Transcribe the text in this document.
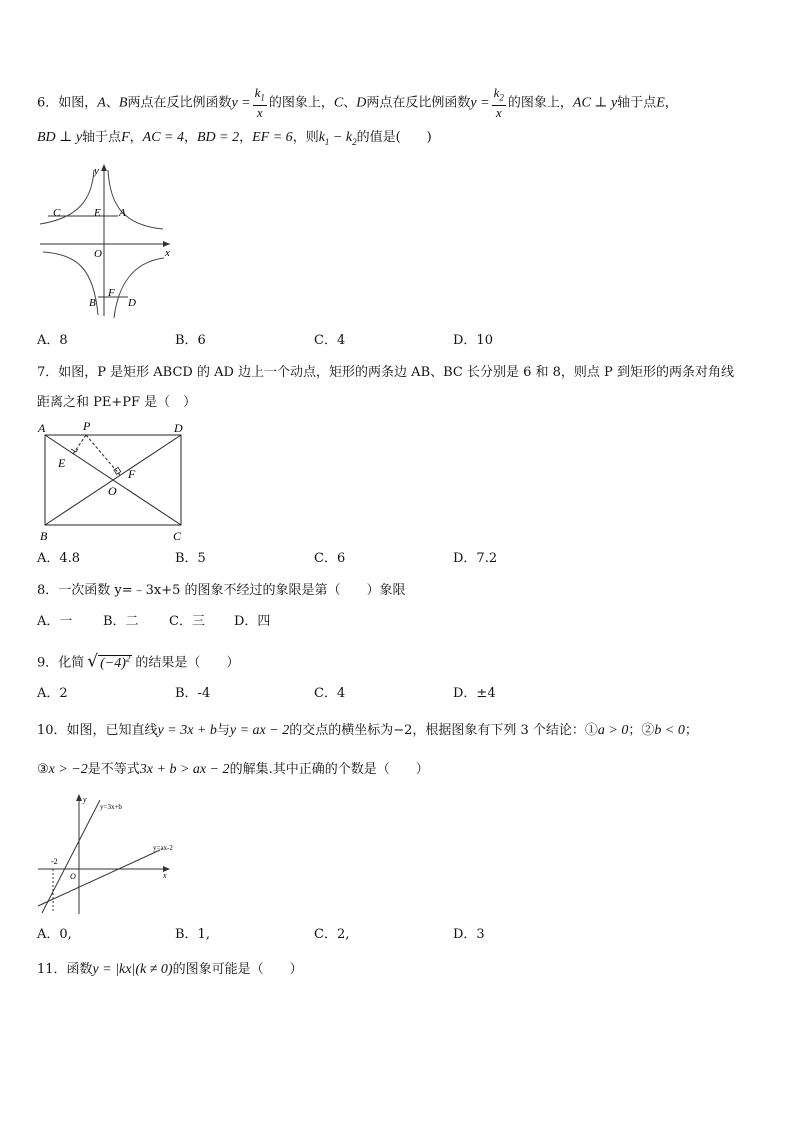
6．如图，A、B两点在反比例函数$y = \frac{k_1}{x}$ 的图象上，C、D两点在反比例函数$y = \frac{k_2}{x}$ 的图象上，AC ⊥ y轴于点E，
BD ⊥ y轴于点F，AC = 4，BD = 2，EF = 6，则$k_1 - k_2$的值是(　　)
y
x
O
C	E A
B
F
D
A．8	B．6	C．4	D．10
7．如图，P 是矩形 ABCD 的 AD 边上一个动点，矩形的两条边 AB、BC 长分别是 6 和 8，则点 P 到矩形的两条对角线
距离之和 PE+PF 是（　）
A	P	D
E
F
O
B	C
A．4.8	B．5	C．6	D．7.2
8．一次函数 y=﹣3x+5 的图象不经过的象限是第（　　）象限
A．一 B．二 C．三 D．四
9．化简 √ $(-4)^2$ 的结果是（　　）
A．2	B．-4	C．4	D．±4
10．如图，已知直线y = 3x + b与y = ax − 2的交点的横坐标为−2，根据图象有下列 3 个结论：①a > 0；②b < 0；
③x > −2是不等式3x + b > ax − 2的解集.其中正确的个数是（　　）
y
y=3x+b
y=ax-2
-2
O	x
A．0,	B．1,	C．2,	D．3
11．函数y = |kx|(k ≠ 0)的图象可能是（　　）
